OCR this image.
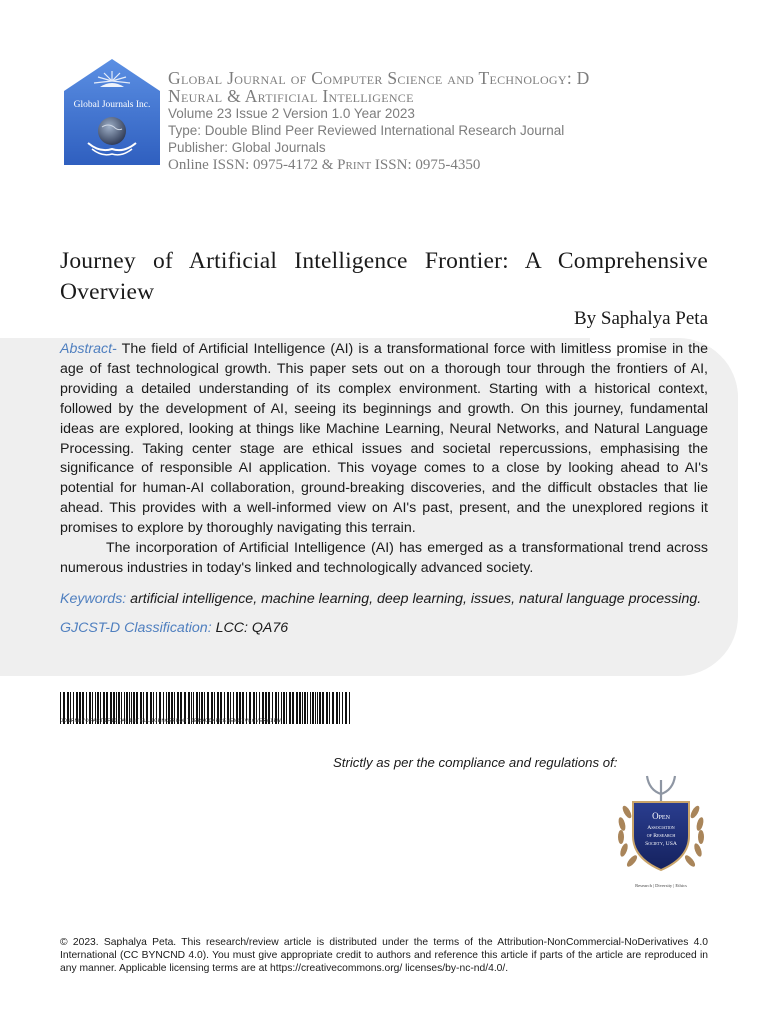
Global Journals Inc.
Global Journal of Computer Science and Technology: D
Neural & Artificial Intelligence
Volume 23 Issue 2 Version 1.0 Year 2023
Type: Double Blind Peer Reviewed International Research Journal
Publisher: Global Journals
Online ISSN: 0975-4172 & Print ISSN: 0975-4350
Journey of Artificial Intelligence Frontier: A Comprehensive Overview
By Saphalya Peta

Abstract- The field of Artificial Intelligence (AI) is a transformational force with limitless promise in the age of fast technological growth. This paper sets out on a thorough tour through the frontiers of AI, providing a detailed understanding of its complex environment. Starting with a historical context, followed by the development of AI, seeing its beginnings and growth. On this journey, fundamental ideas are explored, looking at things like Machine Learning, Neural Networks, and Natural Language Processing. Taking center stage are ethical issues and societal repercussions, emphasising the significance of responsible AI application. This voyage comes to a close by looking ahead to AI's potential for human-AI collaboration, ground-breaking discoveries, and the difficult obstacles that lie ahead. This provides with a well-informed view on AI's past, present, and the unexplored regions it promises to explore by thoroughly navigating this terrain.

The incorporation of Artificial Intelligence (AI) has emerged as a transformational trend across numerous industries in today's linked and technologically advanced society.

Keywords: artificial intelligence, machine learning, deep learning, issues, natural language processing.

GJCST-D Classification: LCC: QA76

JOURNEYOFARTIFICIALINTELLIGENCEFRONTIERACOMPREHENSIVEOVERVIEW
Strictly as per the compliance and regulations of:
Open
Association
of Research
Society, USA
Research | Diversity | Ethics
© 2023. Saphalya Peta. This research/review article is distributed under the terms of the Attribution-NonCommercial-NoDerivatives 4.0 International (CC BYNCND 4.0). You must give appropriate credit to authors and reference this article if parts of the article are reproduced in any manner. Applicable licensing terms are at https://creativecommons.org/ licenses/by-nc-nd/4.0/.
